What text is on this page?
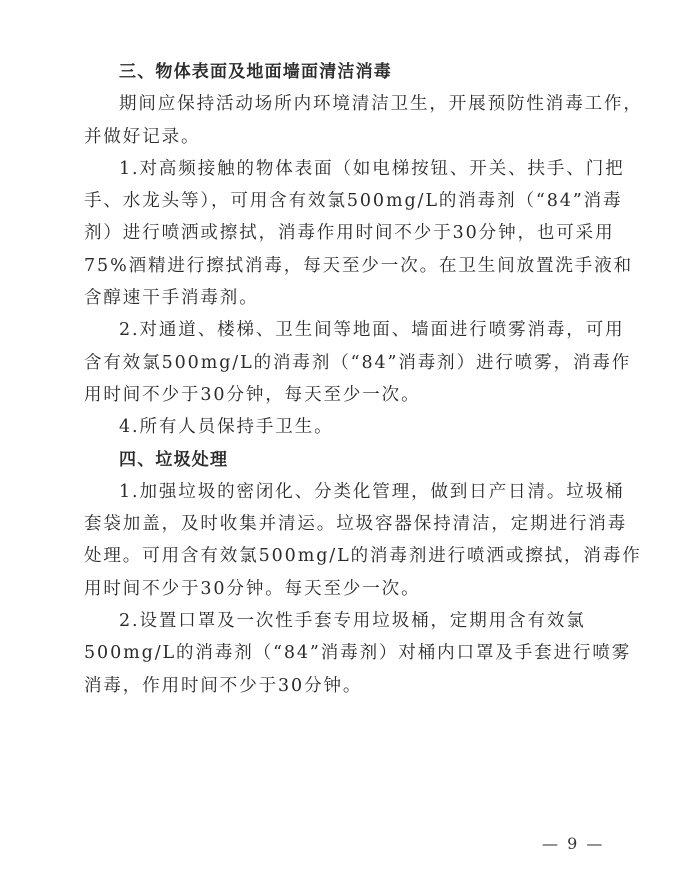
三、物体表面及地面墙面清洁消毒
期间应保持活动场所内环境清洁卫生，开展预防性消毒工作，
并做好记录。
1.对高频接触的物体表面（如电梯按钮、开关、扶手、门把
手、水龙头等），可用含有效氯500mg/L的消毒剂（“84”消毒
剂）进行喷洒或擦拭，消毒作用时间不少于30分钟，也可采用
75%酒精进行擦拭消毒，每天至少一次。在卫生间放置洗手液和
含醇速干手消毒剂。
2.对通道、楼梯、卫生间等地面、墙面进行喷雾消毒，可用
含有效氯500mg/L的消毒剂（“84”消毒剂）进行喷雾，消毒作
用时间不少于30分钟，每天至少一次。
4.所有人员保持手卫生。
四、垃圾处理
1.加强垃圾的密闭化、分类化管理，做到日产日清。垃圾桶
套袋加盖，及时收集并清运。垃圾容器保持清洁，定期进行消毒
处理。可用含有效氯500mg/L的消毒剂进行喷洒或擦拭，消毒作
用时间不少于30分钟。每天至少一次。
2.设置口罩及一次性手套专用垃圾桶，定期用含有效氯
500mg/L的消毒剂（“84”消毒剂）对桶内口罩及手套进行喷雾
消毒，作用时间不少于30分钟。
— 9 —
